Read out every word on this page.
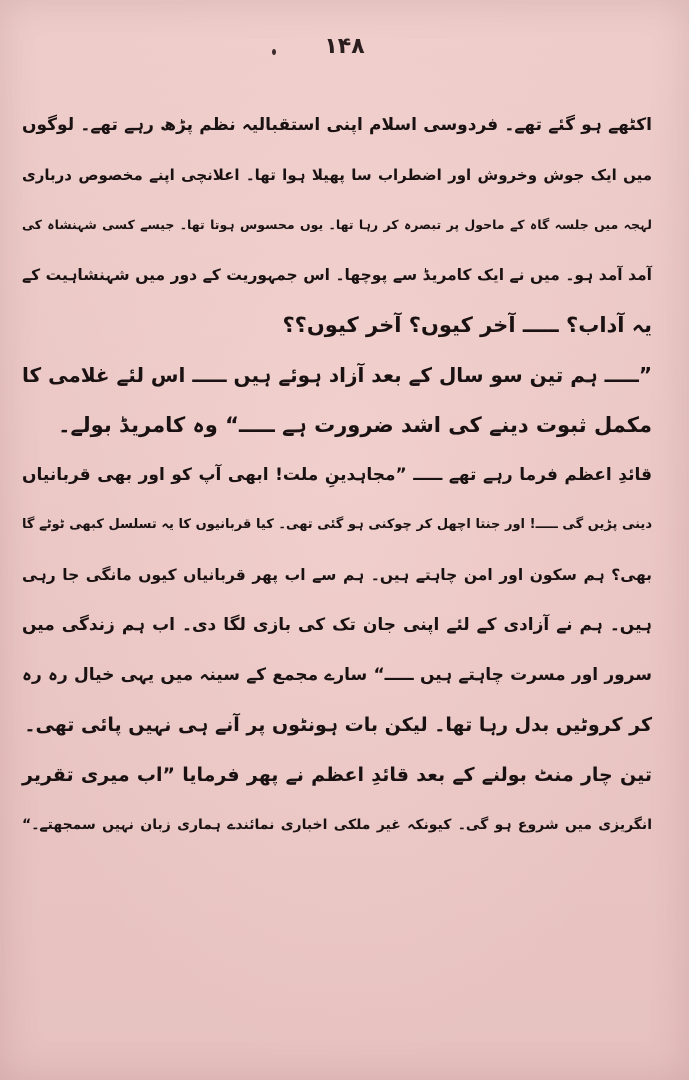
۱۴۸
اکٹھے ہو گئے تھے۔ فردوسی اسلام اپنی استقبالیہ نظم پڑھ رہے تھے۔ لوگوں
میں ایک جوش وخروش اور اضطراب سا پھیلا ہوا تھا۔ اعلانچی اپنے مخصوص درباری
لہجہ میں جلسہ گاہ کے ماحول پر تبصرہ کر رہا تھا۔ یوں محسوس ہوتا تھا۔ جیسے کسی شہنشاہ کی
آمد آمد ہو۔ میں نے ایک کامریڈ سے پوچھا۔ اس جمہوریت کے دور میں شہنشاہیت کے
یہ آداب؟ ـــــ آخر کیوں؟ آخر کیوں؟؟
”ـــــ ہم تین سو سال کے بعد آزاد ہوئے ہیں ـــــ اس لئے غلامی کا
مکمل ثبوت دینے کی اشد ضرورت ہے ـــــ“ وہ کامریڈ بولے۔
قائدِ اعظم فرما رہے تھے ـــــ ”مجاہدینِ ملت! ابھی آپ کو اور بھی قربانیاں
دینی پڑیں گی ـــــ! اور جنتا اچھل کر چوکنی ہو گئی تھی۔ کیا قربانیوں کا یہ تسلسل کبھی ٹوٹے گا
بھی؟ ہم سکون اور امن چاہتے ہیں۔ ہم سے اب پھر قربانیاں کیوں مانگی جا رہی
ہیں۔ ہم نے آزادی کے لئے اپنی جان تک کی بازی لگا دی۔ اب ہم زندگی میں
سرور اور مسرت چاہتے ہیں ـــــ“ سارے مجمع کے سینہ میں یہی خیال رہ رہ
کر کروٹیں بدل رہا تھا۔ لیکن بات ہونٹوں پر آنے ہی نہیں پائی تھی۔
تین چار منٹ بولنے کے بعد قائدِ اعظم نے پھر فرمایا ”اب میری تقریر
انگریزی میں شروع ہو گی۔ کیونکہ غیر ملکی اخباری نمائندے ہماری زبان نہیں سمجھتے۔“
